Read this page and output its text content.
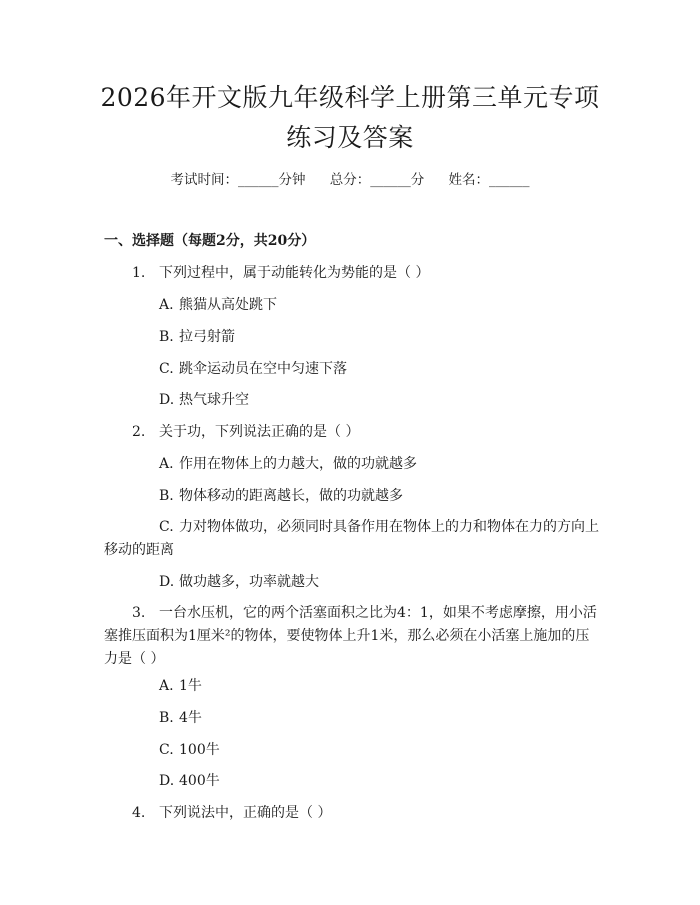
2026年开文版九年级科学上册第三单元专项
练习及答案
考试时间：______分钟 总分：______分 姓名：______
一、选择题（每题2分，共20分）
1. 下列过程中，属于动能转化为势能的是（ ）
A. 熊猫从高处跳下
B. 拉弓射箭
C. 跳伞运动员在空中匀速下落
D. 热气球升空
2. 关于功，下列说法正确的是（ ）
A. 作用在物体上的力越大，做的功就越多
B. 物体移动的距离越长，做的功就越多
C. 力对物体做功，必须同时具备作用在物体上的力和物体在力的方向上
移动的距离
D. 做功越多，功率就越大
3. 一台水压机，它的两个活塞面积之比为4：1，如果不考虑摩擦，用小活
塞推压面积为1厘米²的物体，要使物体上升1米，那么必须在小活塞上施加的压
力是（ ）
A. 1牛
B. 4牛
C. 100牛
D. 400牛
4. 下列说法中，正确的是（ ）
